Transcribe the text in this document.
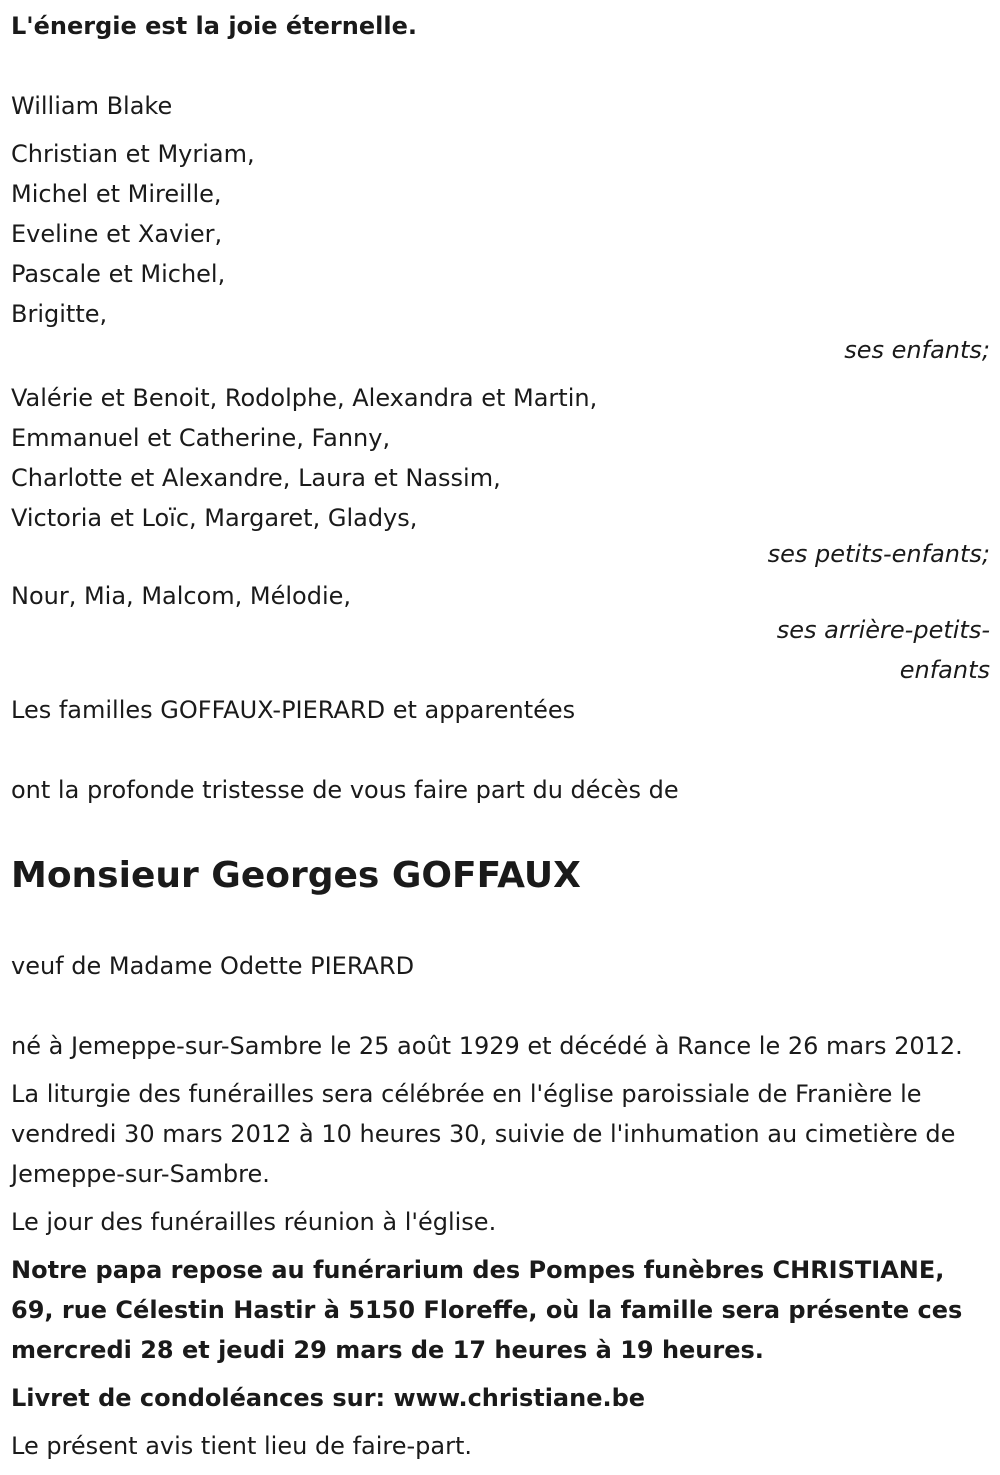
L'énergie est la joie éternelle.

William Blake

Christian et Myriam,

Michel et Mireille,

Eveline et Xavier,

Pascale et Michel,

Brigitte,

ses enfants;

Valérie et Benoit, Rodolphe, Alexandra et Martin,

Emmanuel et Catherine, Fanny,

Charlotte et Alexandre, Laura et Nassim,

Victoria et Loïc, Margaret, Gladys,

ses petits-enfants;

Nour, Mia, Malcom, Mélodie,

ses arrière-petits-

enfants

Les familles GOFFAUX-PIERARD et apparentées

ont la profonde tristesse de vous faire part du décès de

Monsieur Georges GOFFAUX

veuf de Madame Odette PIERARD

né à Jemeppe-sur-Sambre le 25 août 1929 et décédé à Rance le 26 mars 2012.

La liturgie des funérailles sera célébrée en l'église paroissiale de Franière le vendredi 30 mars 2012 à 10 heures 30, suivie de l'inhumation au cimetière de Jemeppe-sur-Sambre.

Le jour des funérailles réunion à l'église.

Notre papa repose au funérarium des Pompes funèbres CHRISTIANE, 69, rue Célestin Hastir à 5150 Floreffe, où la famille sera présente ces mercredi 28 et jeudi 29 mars de 17 heures à 19 heures.

Livret de condoléances sur: www.christiane.be

Le présent avis tient lieu de faire-part.
